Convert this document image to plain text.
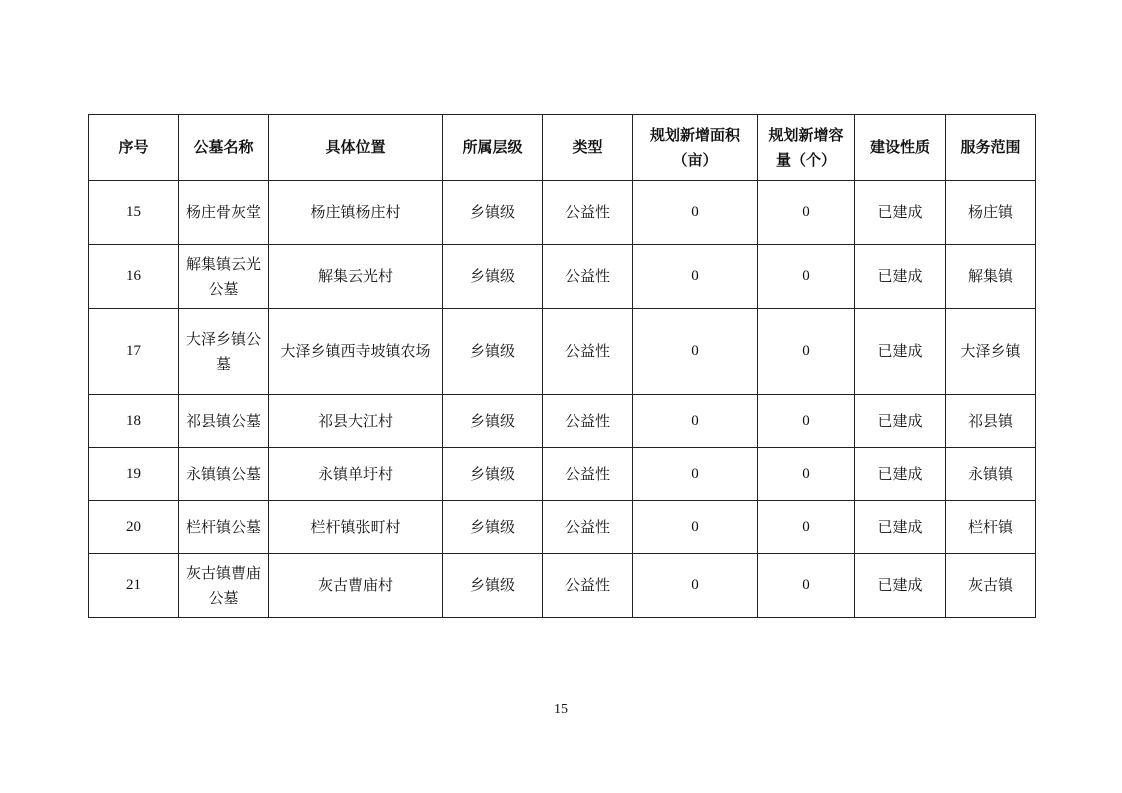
序号	公墓名称	具体位置	所属层级	类型	规划新增面积（亩）	规划新增容量（个）	建设性质	服务范围
15	杨庄骨灰堂	杨庄镇杨庄村	乡镇级	公益性	0	0	已建成	杨庄镇
16	解集镇云光公墓	解集云光村	乡镇级	公益性	0	0	已建成	解集镇
17	大泽乡镇公墓	大泽乡镇西寺坡镇农场	乡镇级	公益性	0	0	已建成	大泽乡镇
18	祁县镇公墓	祁县大江村	乡镇级	公益性	0	0	已建成	祁县镇
19	永镇镇公墓	永镇单圩村	乡镇级	公益性	0	0	已建成	永镇镇
20	栏杆镇公墓	栏杆镇张町村	乡镇级	公益性	0	0	已建成	栏杆镇
21	灰古镇曹庙公墓	灰古曹庙村	乡镇级	公益性	0	0	已建成	灰古镇
15
